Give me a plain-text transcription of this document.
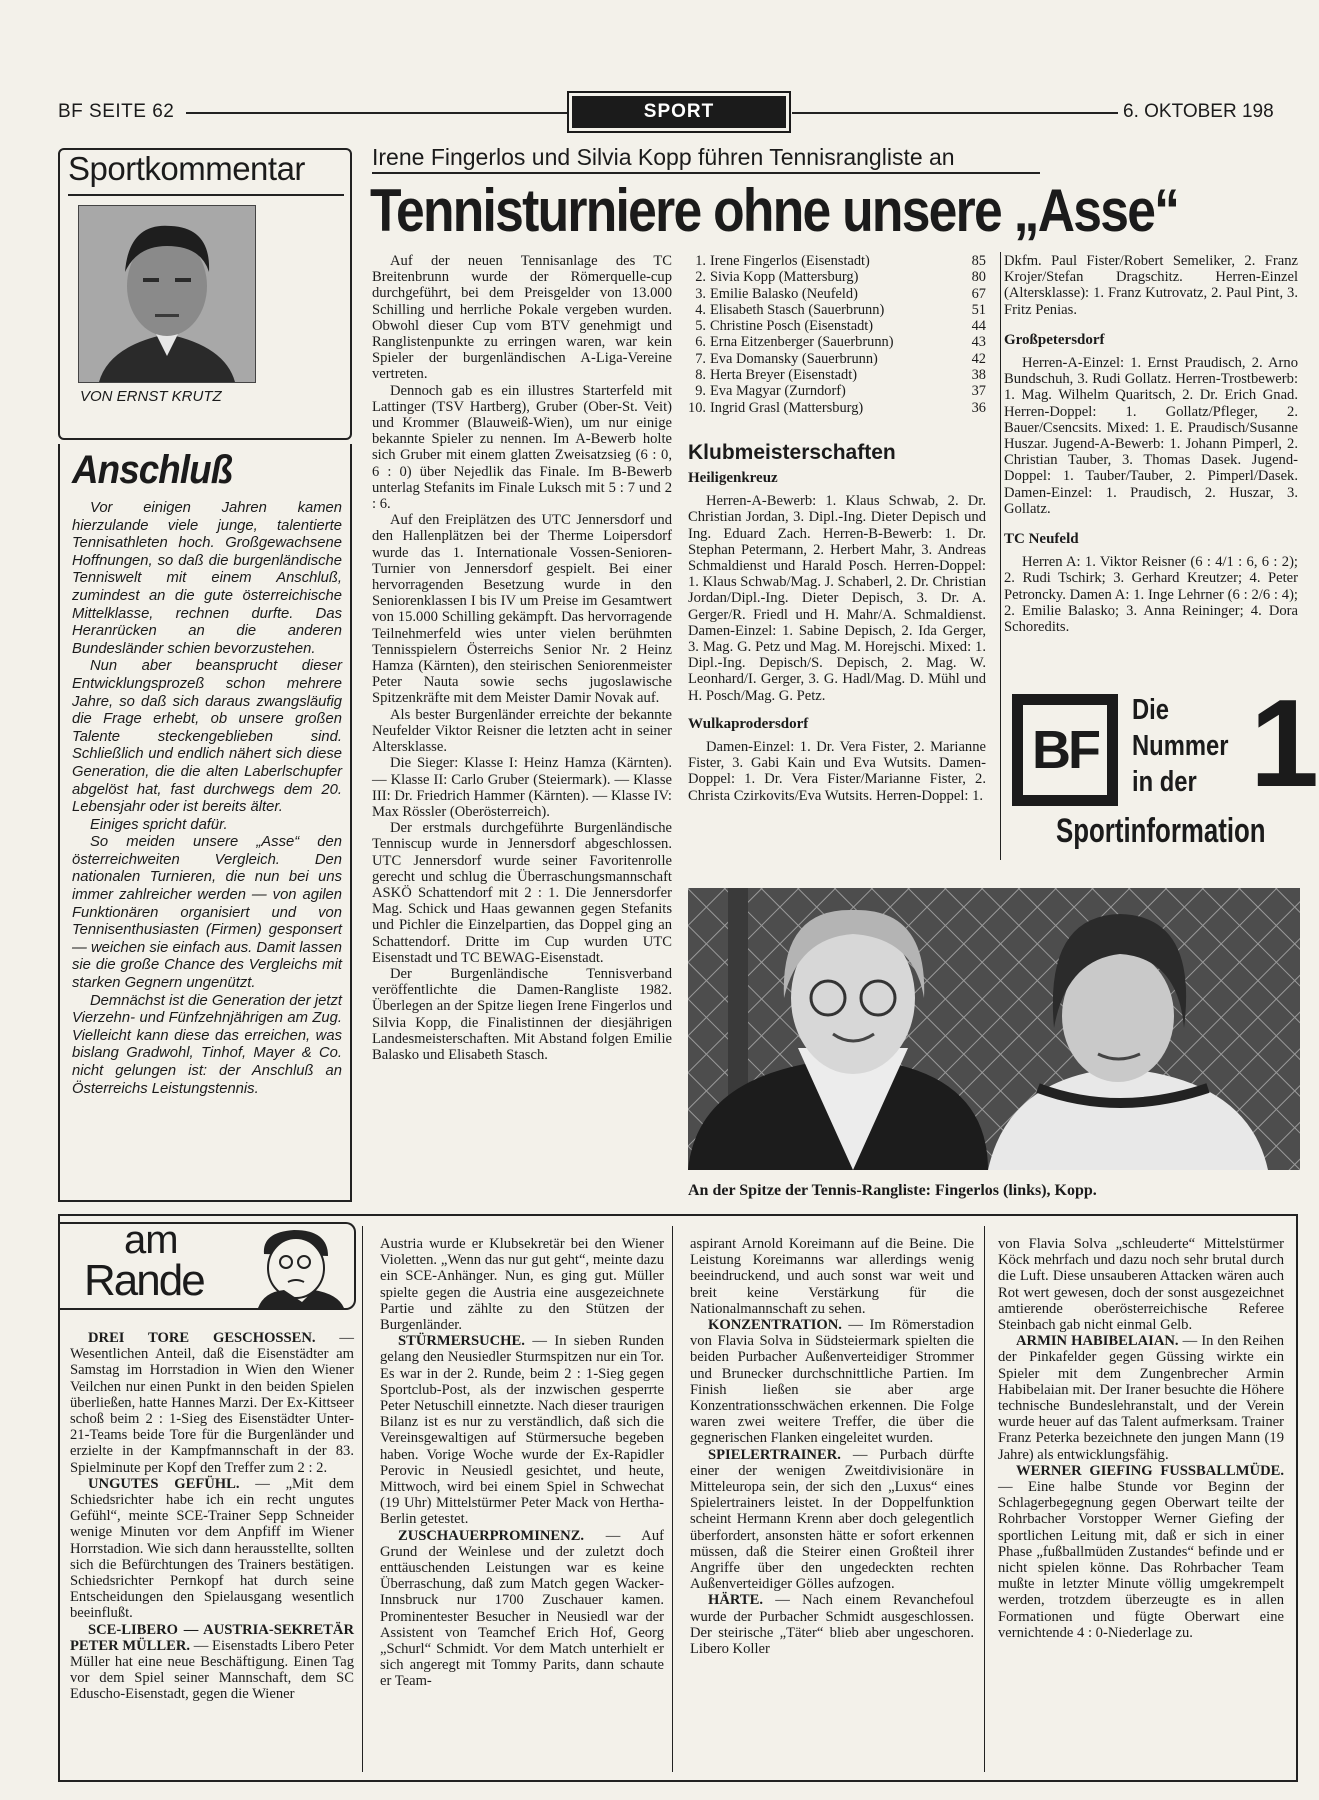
BF SEITE 62	SPORT	6. OKTOBER 198
Sportkommentar
VON ERNST KRUTZ
Anschluß

Vor einigen Jahren kamen hierzulande viele junge, talentierte Tennisathleten hoch. Großgewachsene Hoffnungen, so daß die burgenländische Tenniswelt mit einem Anschluß, zumindest an die gute österreichische Mittelklasse, rechnen durfte. Das Heranrücken an die anderen Bundesländer schien bevorzustehen.

Nun aber beansprucht dieser Entwicklungsprozeß schon mehrere Jahre, so daß sich daraus zwangsläufig die Frage erhebt, ob unsere großen Talente steckengeblieben sind. Schließlich und endlich nähert sich diese Generation, die die alten Laberlschupfer abgelöst hat, fast durchwegs dem 20. Lebensjahr oder ist bereits älter.

Einiges spricht dafür.

So meiden unsere „Asse“ den österreichweiten Vergleich. Den nationalen Turnieren, die nun bei uns immer zahlreicher werden — von agilen Funktionären organisiert und von Tennisenthusiasten (Firmen) gesponsert — weichen sie einfach aus. Damit lassen sie die große Chance des Vergleichs mit starken Gegnern ungenützt.

Demnächst ist die Generation der jetzt Vierzehn- und Fünfzehnjährigen am Zug. Vielleicht kann diese das erreichen, was bislang Gradwohl, Tinhof, Mayer & Co. nicht gelungen ist: der Anschluß an Österreichs Leistungstennis.

Irene Fingerlos und Silvia Kopp führen Tennisrangliste an
Tennisturniere ohne unsere „Asse“

Auf der neuen Tennisanlage des TC Breitenbrunn wurde der Römerquelle-cup durchgeführt, bei dem Preisgelder von 13.000 Schilling und herrliche Pokale vergeben wurden. Obwohl dieser Cup vom BTV genehmigt und Ranglistenpunkte zu erringen waren, war kein Spieler der burgenländischen A-Liga-Vereine vertreten.

Dennoch gab es ein illustres Starterfeld mit Lattinger (TSV Hartberg), Gruber (Ober-St. Veit) und Krommer (Blauweiß-Wien), um nur einige bekannte Spieler zu nennen. Im A-Bewerb holte sich Gruber mit einem glatten Zweisatzsieg (6 : 0, 6 : 0) über Nejedlik das Finale. Im B-Bewerb unterlag Stefanits im Finale Luksch mit 5 : 7 und 2 : 6.

Auf den Freiplätzen des UTC Jennersdorf und den Hallenplätzen bei der Therme Loipersdorf wurde das 1. Internationale Vossen-Senioren-Turnier von Jennersdorf gespielt. Bei einer hervorragenden Besetzung wurde in den Seniorenklassen I bis IV um Preise im Gesamtwert von 15.000 Schilling gekämpft. Das hervorragende Teilnehmerfeld wies unter vielen berühmten Tennisspielern Österreichs Senior Nr. 2 Heinz Hamza (Kärnten), den steirischen Seniorenmeister Peter Nauta sowie sechs jugoslawische Spitzenkräfte mit dem Meister Damir Novak auf.

Als bester Burgenländer erreichte der bekannte Neufelder Viktor Reisner die letzten acht in seiner Altersklasse.

Die Sieger: Klasse I: Heinz Hamza (Kärnten). — Klasse II: Carlo Gruber (Steiermark). — Klasse III: Dr. Friedrich Hammer (Kärnten). — Klasse IV: Max Rössler (Oberösterreich).

Der erstmals durchgeführte Burgenländische Tenniscup wurde in Jennersdorf abgeschlossen. UTC Jennersdorf wurde seiner Favoritenrolle gerecht und schlug die Überraschungsmannschaft ASKÖ Schattendorf mit 2 : 1. Die Jennersdorfer Mag. Schick und Haas gewannen gegen Stefanits und Pichler die Einzelpartien, das Doppel ging an Schattendorf. Dritte im Cup wurden UTC Eisenstadt und TC BEWAG-Eisenstadt.

Der Burgenländische Tennisverband veröffentlichte die Damen-Rangliste 1982. Überlegen an der Spitze liegen Irene Fingerlos und Silvia Kopp, die Finalistinnen der diesjährigen Landesmeisterschaften. Mit Abstand folgen Emilie Balasko und Elisabeth Stasch.

1. Irene Fingerlos (Eisenstadt)	85
2. Sivia Kopp (Mattersburg)	80
3. Emilie Balasko (Neufeld)	67
4. Elisabeth Stasch (Sauerbrunn)	51
5. Christine Posch (Eisenstadt)	44
6. Erna Eitzenberger (Sauerbrunn)	43
7. Eva Domansky (Sauerbrunn)	42
8. Herta Breyer (Eisenstadt)	38
9. Eva Magyar (Zurndorf)	37
10. Ingrid Grasl (Mattersburg)	36
Klubmeisterschaften

Heiligenkreuz

Herren-A-Bewerb: 1. Klaus Schwab, 2. Dr. Christian Jordan, 3. Dipl.-Ing. Dieter Depisch und Ing. Eduard Zach. Herren-B-Bewerb: 1. Dr. Stephan Petermann, 2. Herbert Mahr, 3. Andreas Schmaldienst und Harald Posch. Herren-Doppel: 1. Klaus Schwab/Mag. J. Schaberl, 2. Dr. Christian Jordan/Dipl.-Ing. Dieter Depisch, 3. Dr. A. Gerger/R. Friedl und H. Mahr/A. Schmaldienst. Damen-Einzel: 1. Sabine Depisch, 2. Ida Gerger, 3. Mag. G. Petz und Mag. M. Horejschi. Mixed: 1. Dipl.-Ing. Depisch/S. Depisch, 2. Mag. W. Leonhard/I. Gerger, 3. G. Hadl/Mag. D. Mühl und H. Posch/Mag. G. Petz.

Wulkaprodersdorf

Damen-Einzel: 1. Dr. Vera Fister, 2. Marianne Fister, 3. Gabi Kain und Eva Wutsits. Damen-Doppel: 1. Dr. Vera Fister/Marianne Fister, 2. Christa Czirkovits/Eva Wutsits. Herren-Doppel: 1.

Dkfm. Paul Fister/Robert Semeliker, 2. Franz Krojer/Stefan Dragschitz. Herren-Einzel (Altersklasse): 1. Franz Kutrovatz, 2. Paul Pint, 3. Fritz Penias.

Großpetersdorf

Herren-A-Einzel: 1. Ernst Praudisch, 2. Arno Bundschuh, 3. Rudi Gollatz. Herren-Trostbewerb: 1. Mag. Wilhelm Quaritsch, 2. Dr. Erich Gnad. Herren-Doppel: 1. Gollatz/Pfleger, 2. Bauer/Csencsits. Mixed: 1. E. Praudisch/Susanne Huszar. Jugend-A-Bewerb: 1. Johann Pimperl, 2. Christian Tauber, 3. Thomas Dasek. Jugend-Doppel: 1. Tauber/Tauber, 2. Pimperl/Dasek. Damen-Einzel: 1. Praudisch, 2. Huszar, 3. Gollatz.

TC Neufeld

Herren A: 1. Viktor Reisner (6 : 4/1 : 6, 6 : 2); 2. Rudi Tschirk; 3. Gerhard Kreutzer; 4. Peter Petroncky. Damen A: 1. Inge Lehrner (6 : 2/6 : 4); 2. Emilie Balasko; 3. Anna Reininger; 4. Dora Schoredits.

BF
Die
Nummer
in der 1
Sportinformation
An der Spitze der Tennis-Rangliste: Fingerlos (links), Kopp.
am
Rande

DREI TORE GESCHOSSEN. — Wesentlichen Anteil, daß die Eisenstädter am Samstag im Horrstadion in Wien den Wiener Veilchen nur einen Punkt in den beiden Spielen überließen, hatte Hannes Marzi. Der Ex-Kittseer schoß beim 2 : 1-Sieg des Eisenstädter Unter-21-Teams beide Tore für die Burgenländer und erzielte in der Kampfmannschaft in der 83. Spielminute per Kopf den Treffer zum 2 : 2.

UNGUTES GEFÜHL. — „Mit dem Schiedsrichter habe ich ein recht ungutes Gefühl“, meinte SCE-Trainer Sepp Schneider wenige Minuten vor dem Anpfiff im Wiener Horrstadion. Wie sich dann herausstellte, sollten sich die Befürchtungen des Trainers bestätigen. Schiedsrichter Pernkopf hat durch seine Entscheidungen den Spielausgang wesentlich beeinflußt.

SCE-LIBERO — AUSTRIA-SEKRETÄR PETER MÜLLER. — Eisenstadts Libero Peter Müller hat eine neue Beschäftigung. Einen Tag vor dem Spiel seiner Mannschaft, dem SC Eduscho-Eisenstadt, gegen die Wiener

Austria wurde er Klubsekretär bei den Wiener Violetten. „Wenn das nur gut geht“, meinte dazu ein SCE-Anhänger. Nun, es ging gut. Müller spielte gegen die Austria eine ausgezeichnete Partie und zählte zu den Stützen der Burgenländer.

STÜRMERSUCHE. — In sieben Runden gelang den Neusiedler Sturmspitzen nur ein Tor. Es war in der 2. Runde, beim 2 : 1-Sieg gegen Sportclub-Post, als der inzwischen gesperrte Peter Netuschill einnetzte. Nach dieser traurigen Bilanz ist es nur zu verständlich, daß sich die Vereinsgewaltigen auf Stürmersuche begeben haben. Vorige Woche wurde der Ex-Rapidler Perovic in Neusiedl gesichtet, und heute, Mittwoch, wird bei einem Spiel in Schwechat (19 Uhr) Mittelstürmer Peter Mack von Hertha-Berlin getestet.

ZUSCHAUERPROMINENZ. — Auf Grund der Weinlese und der zuletzt doch enttäuschenden Leistungen war es keine Überraschung, daß zum Match gegen Wacker-Innsbruck nur 1700 Zuschauer kamen. Prominentester Besucher in Neusiedl war der Assistent von Teamchef Erich Hof, Georg „Schurl“ Schmidt. Vor dem Match unterhielt er sich angeregt mit Tommy Parits, dann schaute er Team-

aspirant Arnold Koreimann auf die Beine. Die Leistung Koreimanns war allerdings wenig beeindruckend, und auch sonst war weit und breit keine Verstärkung für die Nationalmannschaft zu sehen.

KONZENTRATION. — Im Römerstadion von Flavia Solva in Südsteiermark spielten die beiden Purbacher Außenverteidiger Strommer und Brunecker durchschnittliche Partien. Im Finish ließen sie aber arge Konzentrationsschwächen erkennen. Die Folge waren zwei weitere Treffer, die über die gegnerischen Flanken eingeleitet wurden.

SPIELERTRAINER. — Purbach dürfte einer der wenigen Zweitdivisionäre in Mitteleuropa sein, der sich den „Luxus“ eines Spielertrainers leistet. In der Doppelfunktion scheint Hermann Krenn aber doch gelegentlich überfordert, ansonsten hätte er sofort erkennen müssen, daß die Steirer einen Großteil ihrer Angriffe über den ungedeckten rechten Außenverteidiger Gölles aufzogen.

HÄRTE. — Nach einem Revanchefoul wurde der Purbacher Schmidt ausgeschlossen. Der steirische „Täter“ blieb aber ungeschoren. Libero Koller

von Flavia Solva „schleuderte“ Mittelstürmer Köck mehrfach und dazu noch sehr brutal durch die Luft. Diese unsauberen Attacken wären auch Rot wert gewesen, doch der sonst ausgezeichnet amtierende oberösterreichische Referee Steinbach gab nicht einmal Gelb.

ARMIN HABIBELAIAN. — In den Reihen der Pinkafelder gegen Güssing wirkte ein Spieler mit dem Zungenbrecher Armin Habibelaian mit. Der Iraner besuchte die Höhere technische Bundeslehranstalt, und der Verein wurde heuer auf das Talent aufmerksam. Trainer Franz Peterka bezeichnete den jungen Mann (19 Jahre) als entwicklungsfähig.

WERNER GIEFING FUSSBALLMÜDE. — Eine halbe Stunde vor Beginn der Schlagerbegegnung gegen Oberwart teilte der Rohrbacher Vorstopper Werner Giefing der sportlichen Leitung mit, daß er sich in einer Phase „fußballmüden Zustandes“ befinde und er nicht spielen könne. Das Rohrbacher Team mußte in letzter Minute völlig umgekrempelt werden, trotzdem überzeugte es in allen Formationen und fügte Oberwart eine vernichtende 4 : 0-Niederlage zu.
